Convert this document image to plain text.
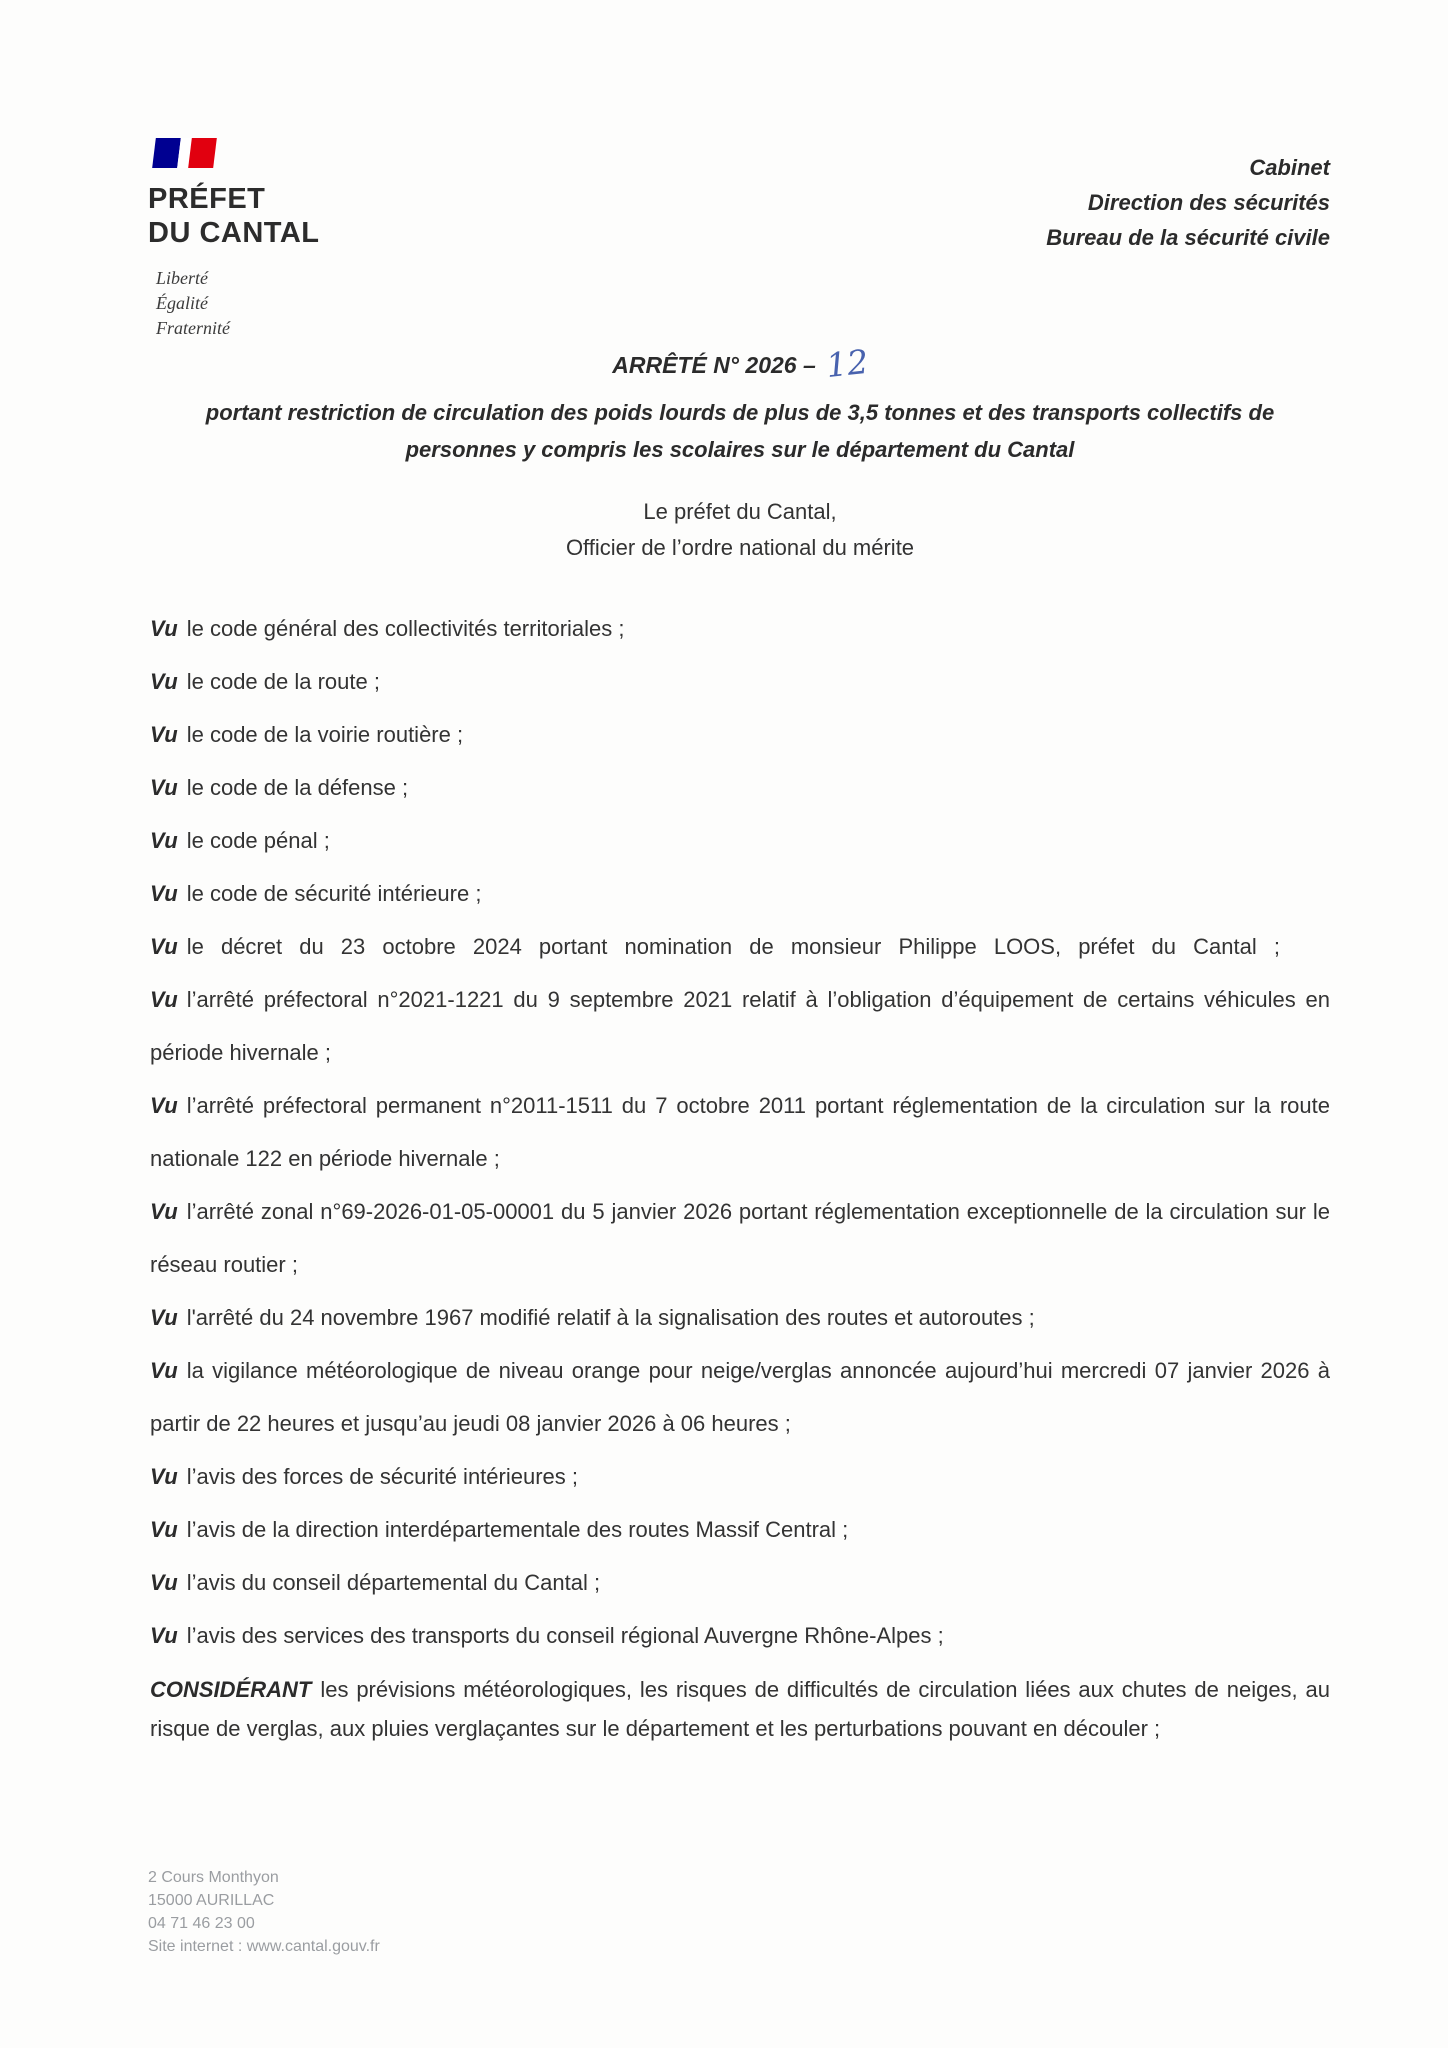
PRÉFET
DU CANTAL
Liberté
Égalité
Fraternité
Cabinet
Direction des sécurités
Bureau de la sécurité civile
ARRÊTÉ N° 2026 – 12
portant restriction de circulation des poids lourds de plus de 3,5 tonnes et des transports collectifs de personnes y compris les scolaires sur le département du Cantal
Le préfet du Cantal,
Officier de l’ordre national du mérite

Vu le code général des collectivités territoriales ;

Vu le code de la route ;

Vu le code de la voirie routière ;

Vu le code de la défense ;

Vu le code pénal ;

Vu le code de sécurité intérieure ;

Vu le décret du 23 octobre 2024 portant nomination de monsieur Philippe LOOS, préfet du Cantal ;

Vu l’arrêté préfectoral n°2021-1221 du 9 septembre 2021 relatif à l’obligation d’équipement de certains véhicules en période hivernale ;

Vu l’arrêté préfectoral permanent n°2011-1511 du 7 octobre 2011 portant réglementation de la circulation sur la route nationale 122 en période hivernale ;

Vu l’arrêté zonal n°69-2026-01-05-00001 du 5 janvier 2026 portant réglementation exceptionnelle de la circulation sur le réseau routier ;

Vu l'arrêté du 24 novembre 1967 modifié relatif à la signalisation des routes et autoroutes ;

Vu la vigilance météorologique de niveau orange pour neige/verglas annoncée aujourd’hui mercredi 07 janvier 2026 à partir de 22 heures et jusqu’au jeudi 08 janvier 2026 à 06 heures ;

Vu l’avis des forces de sécurité intérieures ;

Vu l’avis de la direction interdépartementale des routes Massif Central ;

Vu l’avis du conseil départemental du Cantal ;

Vu l’avis des services des transports du conseil régional Auvergne Rhône-Alpes ;

CONSIDÉRANT les prévisions météorologiques, les risques de difficultés de circulation liées aux chutes de neiges, au risque de verglas, aux pluies verglaçantes sur le département et les perturbations pouvant en découler ;

2 Cours Monthyon
15000 AURILLAC
04 71 46 23 00
Site internet : www.cantal.gouv.fr
